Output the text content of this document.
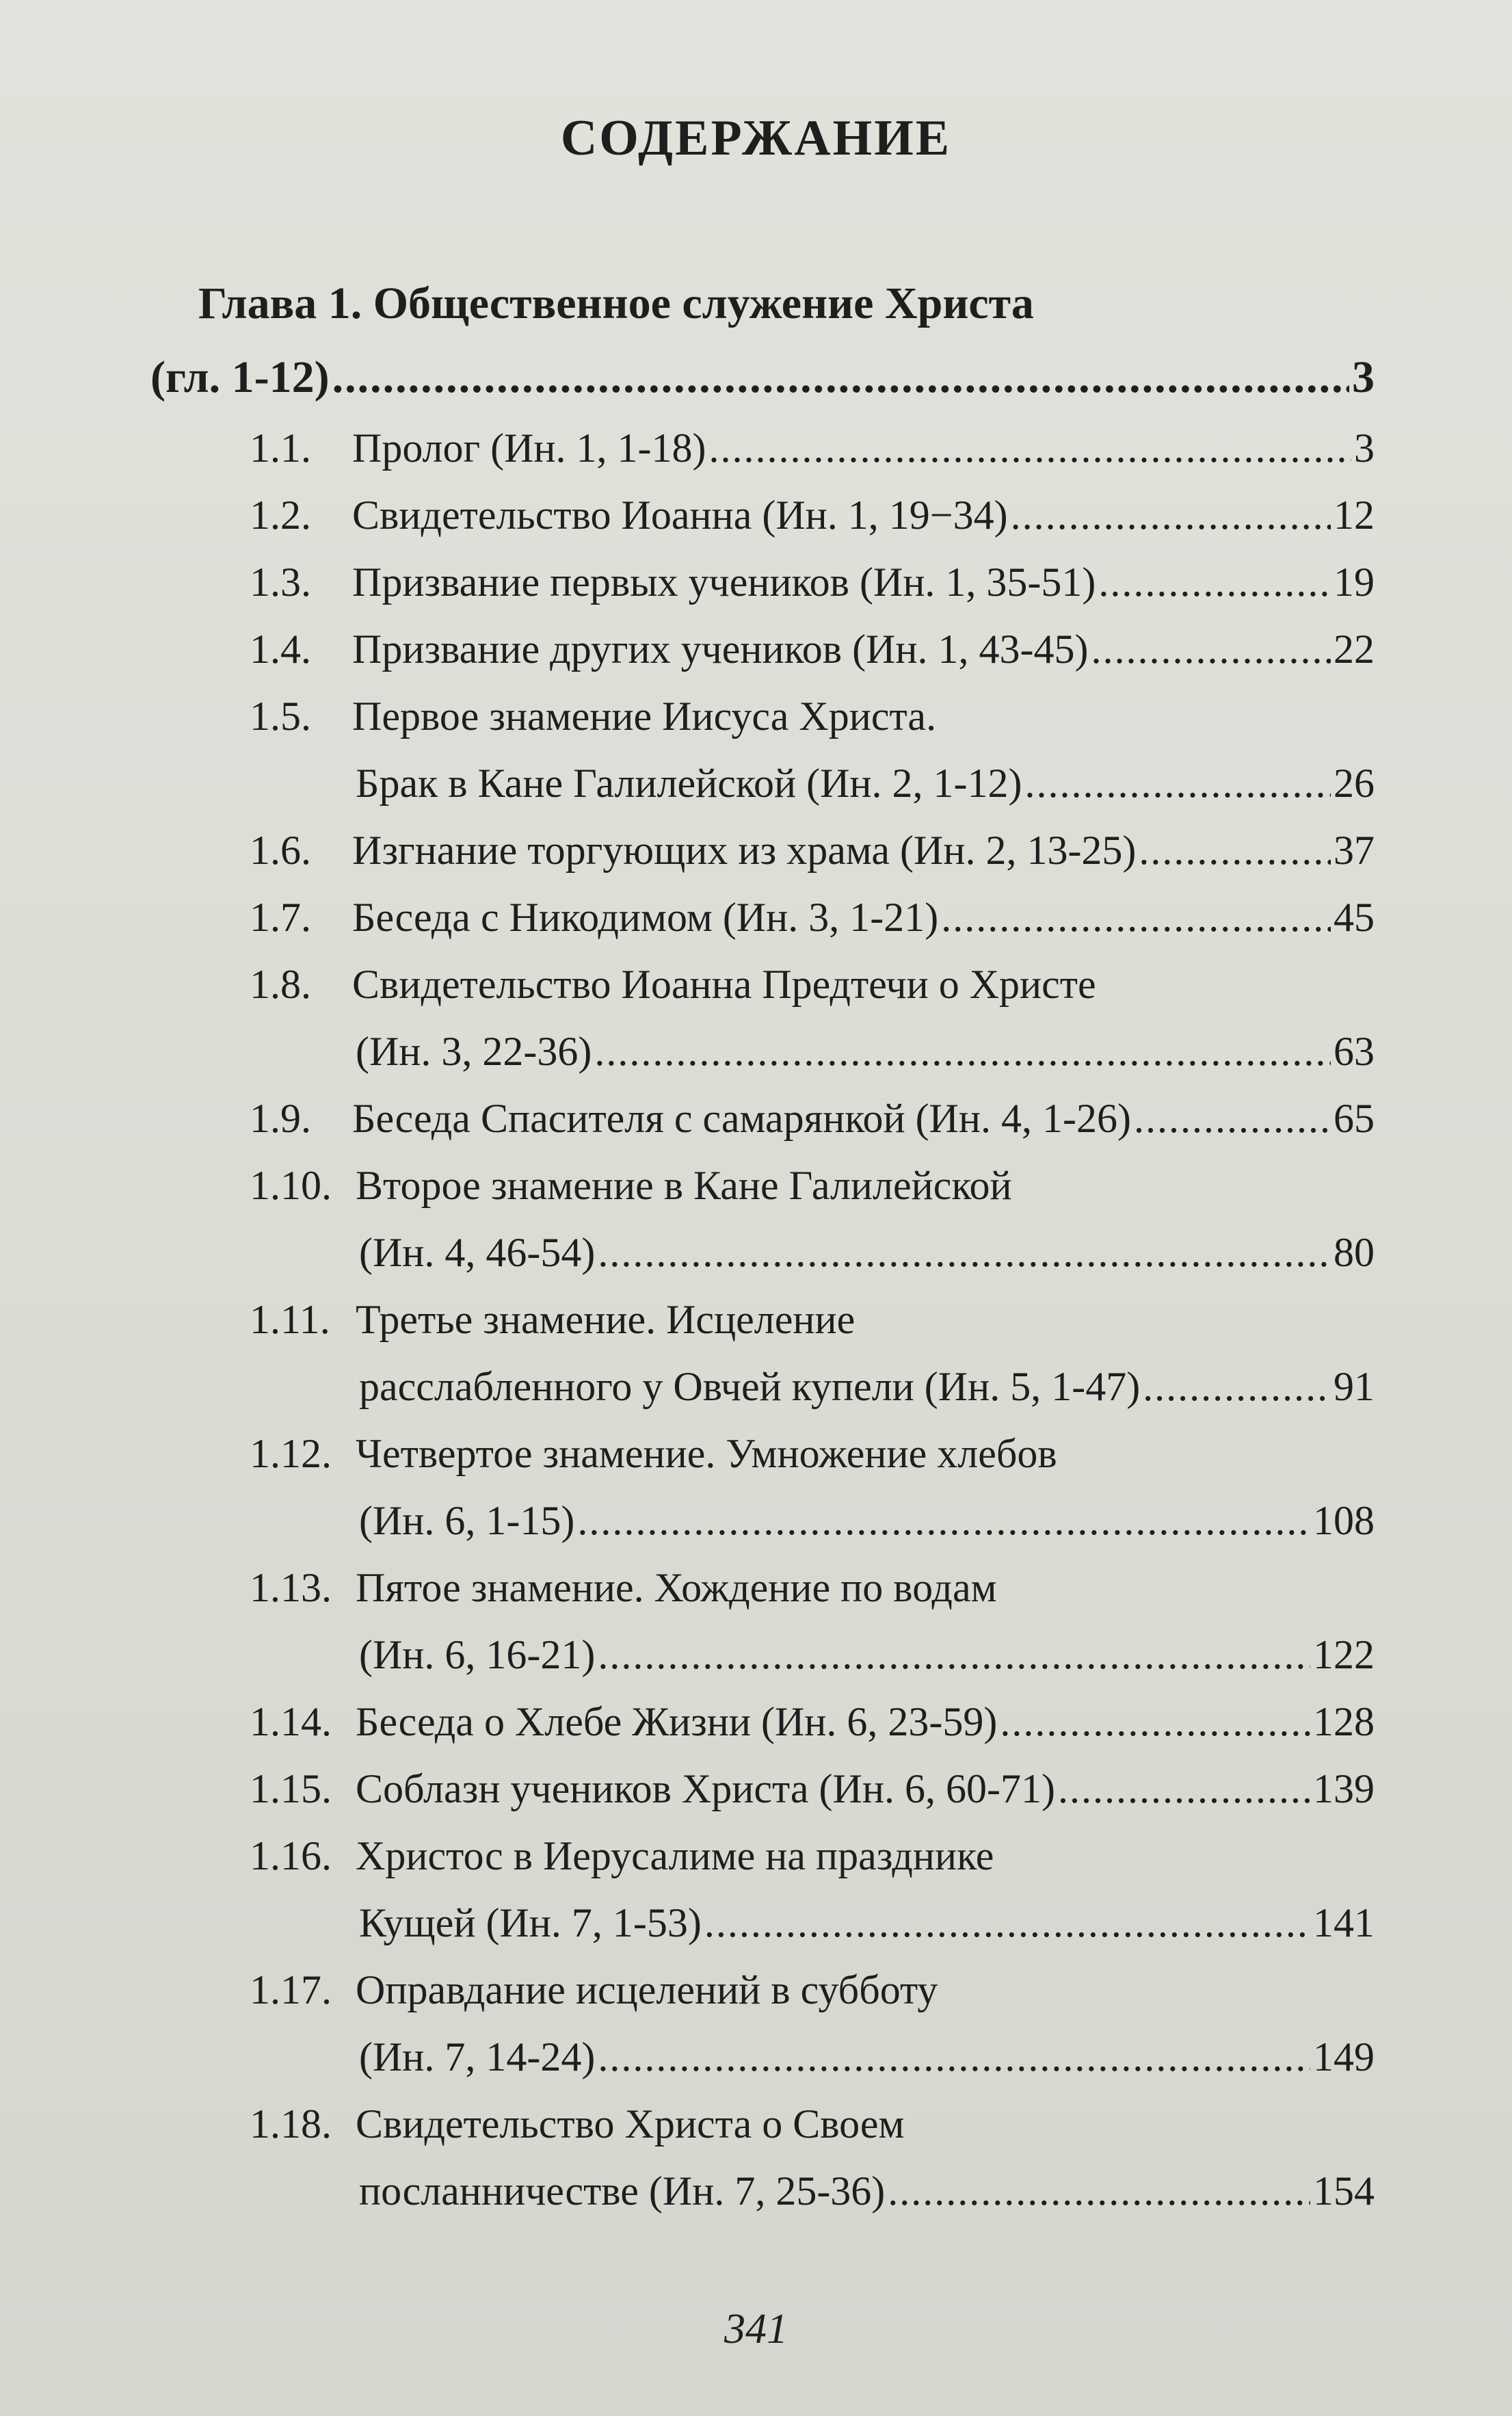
СОДЕРЖАНИЕ
Глава 1. Общественное служение Христа
(гл. 1-12) .....	3
1.1.	Пролог (Ин. 1, 1-18) .....	3
1.2.	Свидетельство Иоанна (Ин. 1, 19−34) .....	12
1.3.	Призвание первых учеников (Ин. 1, 35-51) .....	19
1.4.	Призвание других учеников (Ин. 1, 43-45) .....	22
1.5.	Первое знамение Иисуса Христа.
Брак в Кане Галилейской (Ин. 2, 1-12) .....	26
1.6.	Изгнание торгующих из храма (Ин. 2, 13-25) .....	37
1.7.	Беседа с Никодимом (Ин. 3, 1-21) .....	45
1.8.	Свидетельство Иоанна Предтечи о Христе
(Ин. 3, 22-36) .....	63
1.9.	Беседа Спасителя с самарянкой (Ин. 4, 1-26) .....	65
1.10. Второе знамение в Кане Галилейской
(Ин. 4, 46-54) .....	80
1.11. Третье знамение. Исцеление
расслабленного у Овчей купели (Ин. 5, 1-47) .....	91
1.12. Четвертое знамение. Умножение хлебов
(Ин. 6, 1-15) .....	108
1.13. Пятое знамение. Хождение по водам
(Ин. 6, 16-21) .....	122
1.14. Беседа о Хлебе Жизни (Ин. 6, 23-59) .....	128
1.15. Соблазн учеников Христа (Ин. 6, 60-71) .....	139
1.16. Христос в Иерусалиме на празднике
Кущей (Ин. 7, 1-53) .....	141
1.17. Оправдание исцелений в субботу
(Ин. 7, 14-24) .....	149
1.18. Свидетельство Христа о Своем
посланничестве (Ин. 7, 25-36) .....	154
341
